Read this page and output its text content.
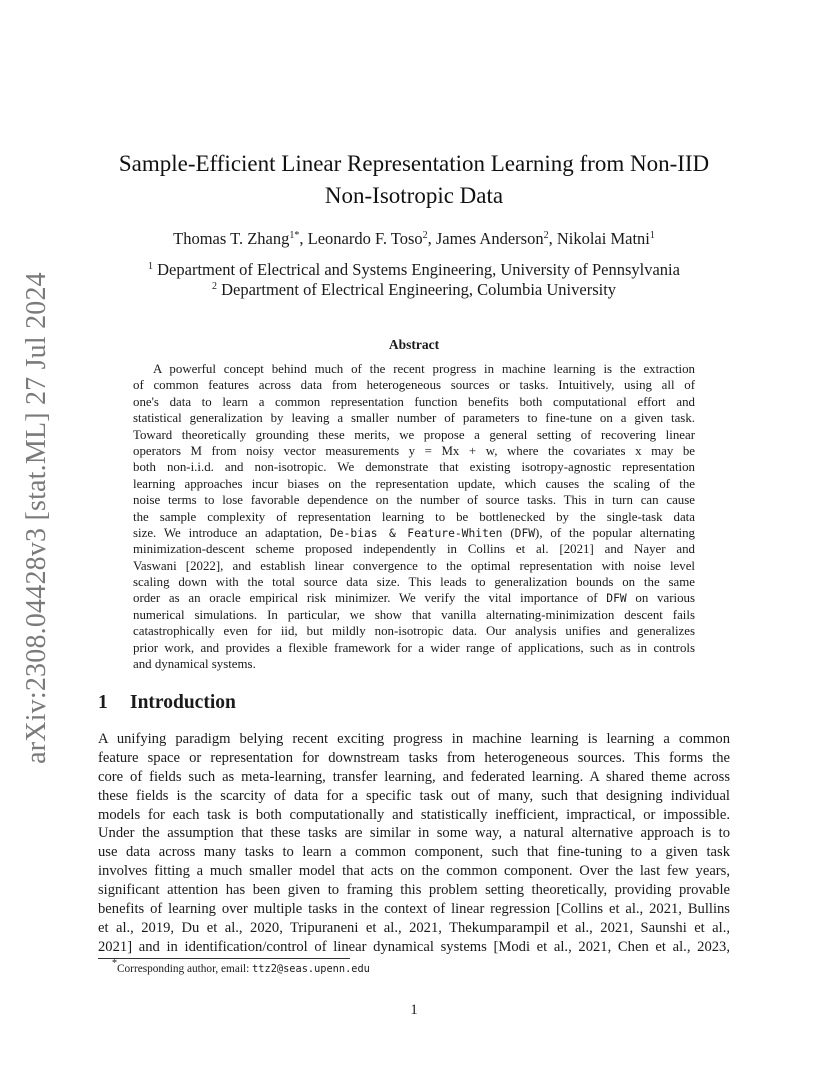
arXiv:2308.04428v3 [stat.ML] 27 Jul 2024
Sample-Efficient Linear Representation Learning from Non-IID
Non-Isotropic Data
Thomas T. Zhang$^{1*}$, Leonardo F. Toso$^2$, James Anderson$^2$, Nikolai Matni$^1$
$^1$ Department of Electrical and Systems Engineering, University of Pennsylvania
$^2$ Department of Electrical Engineering, Columbia University
Abstract
A powerful concept behind much of the recent progress in machine learning is the extraction
of common features across data from heterogeneous sources or tasks. Intuitively, using all of
one's data to learn a common representation function benefits both computational effort and
statistical generalization by leaving a smaller number of parameters to fine-tune on a given task.
Toward theoretically grounding these merits, we propose a general setting of recovering linear
operators M from noisy vector measurements y = Mx + w, where the covariates x may be
both non-i.i.d. and non-isotropic. We demonstrate that existing isotropy-agnostic representation
learning approaches incur biases on the representation update, which causes the scaling of the
noise terms to lose favorable dependence on the number of source tasks. This in turn can cause
the sample complexity of representation learning to be bottlenecked by the single-task data
size. We introduce an adaptation, De-bias & Feature-Whiten (DFW), of the popular alternating
minimization-descent scheme proposed independently in Collins et al. [2021] and Nayer and
Vaswani [2022], and establish linear convergence to the optimal representation with noise level
scaling down with the total source data size. This leads to generalization bounds on the same
order as an oracle empirical risk minimizer. We verify the vital importance of DFW on various
numerical simulations. In particular, we show that vanilla alternating-minimization descent fails
catastrophically even for iid, but mildly non-isotropic data. Our analysis unifies and generalizes
prior work, and provides a flexible framework for a wider range of applications, such as in controls
and dynamical systems.
1 Introduction
A unifying paradigm belying recent exciting progress in machine learning is learning a common
feature space or representation for downstream tasks from heterogeneous sources. This forms the
core of fields such as meta-learning, transfer learning, and federated learning. A shared theme across
these fields is the scarcity of data for a specific task out of many, such that designing individual
models for each task is both computationally and statistically inefficient, impractical, or impossible.
Under the assumption that these tasks are similar in some way, a natural alternative approach is to
use data across many tasks to learn a common component, such that fine-tuning to a given task
involves fitting a much smaller model that acts on the common component. Over the last few years,
significant attention has been given to framing this problem setting theoretically, providing provable
benefits of learning over multiple tasks in the context of linear regression [Collins et al., 2021, Bullins
et al., 2019, Du et al., 2020, Tripuraneni et al., 2021, Thekumparampil et al., 2021, Saunshi et al.,
2021] and in identification/control of linear dynamical systems [Modi et al., 2021, Chen et al., 2023,
*Corresponding author, email: ttz2@seas.upenn.edu
1
